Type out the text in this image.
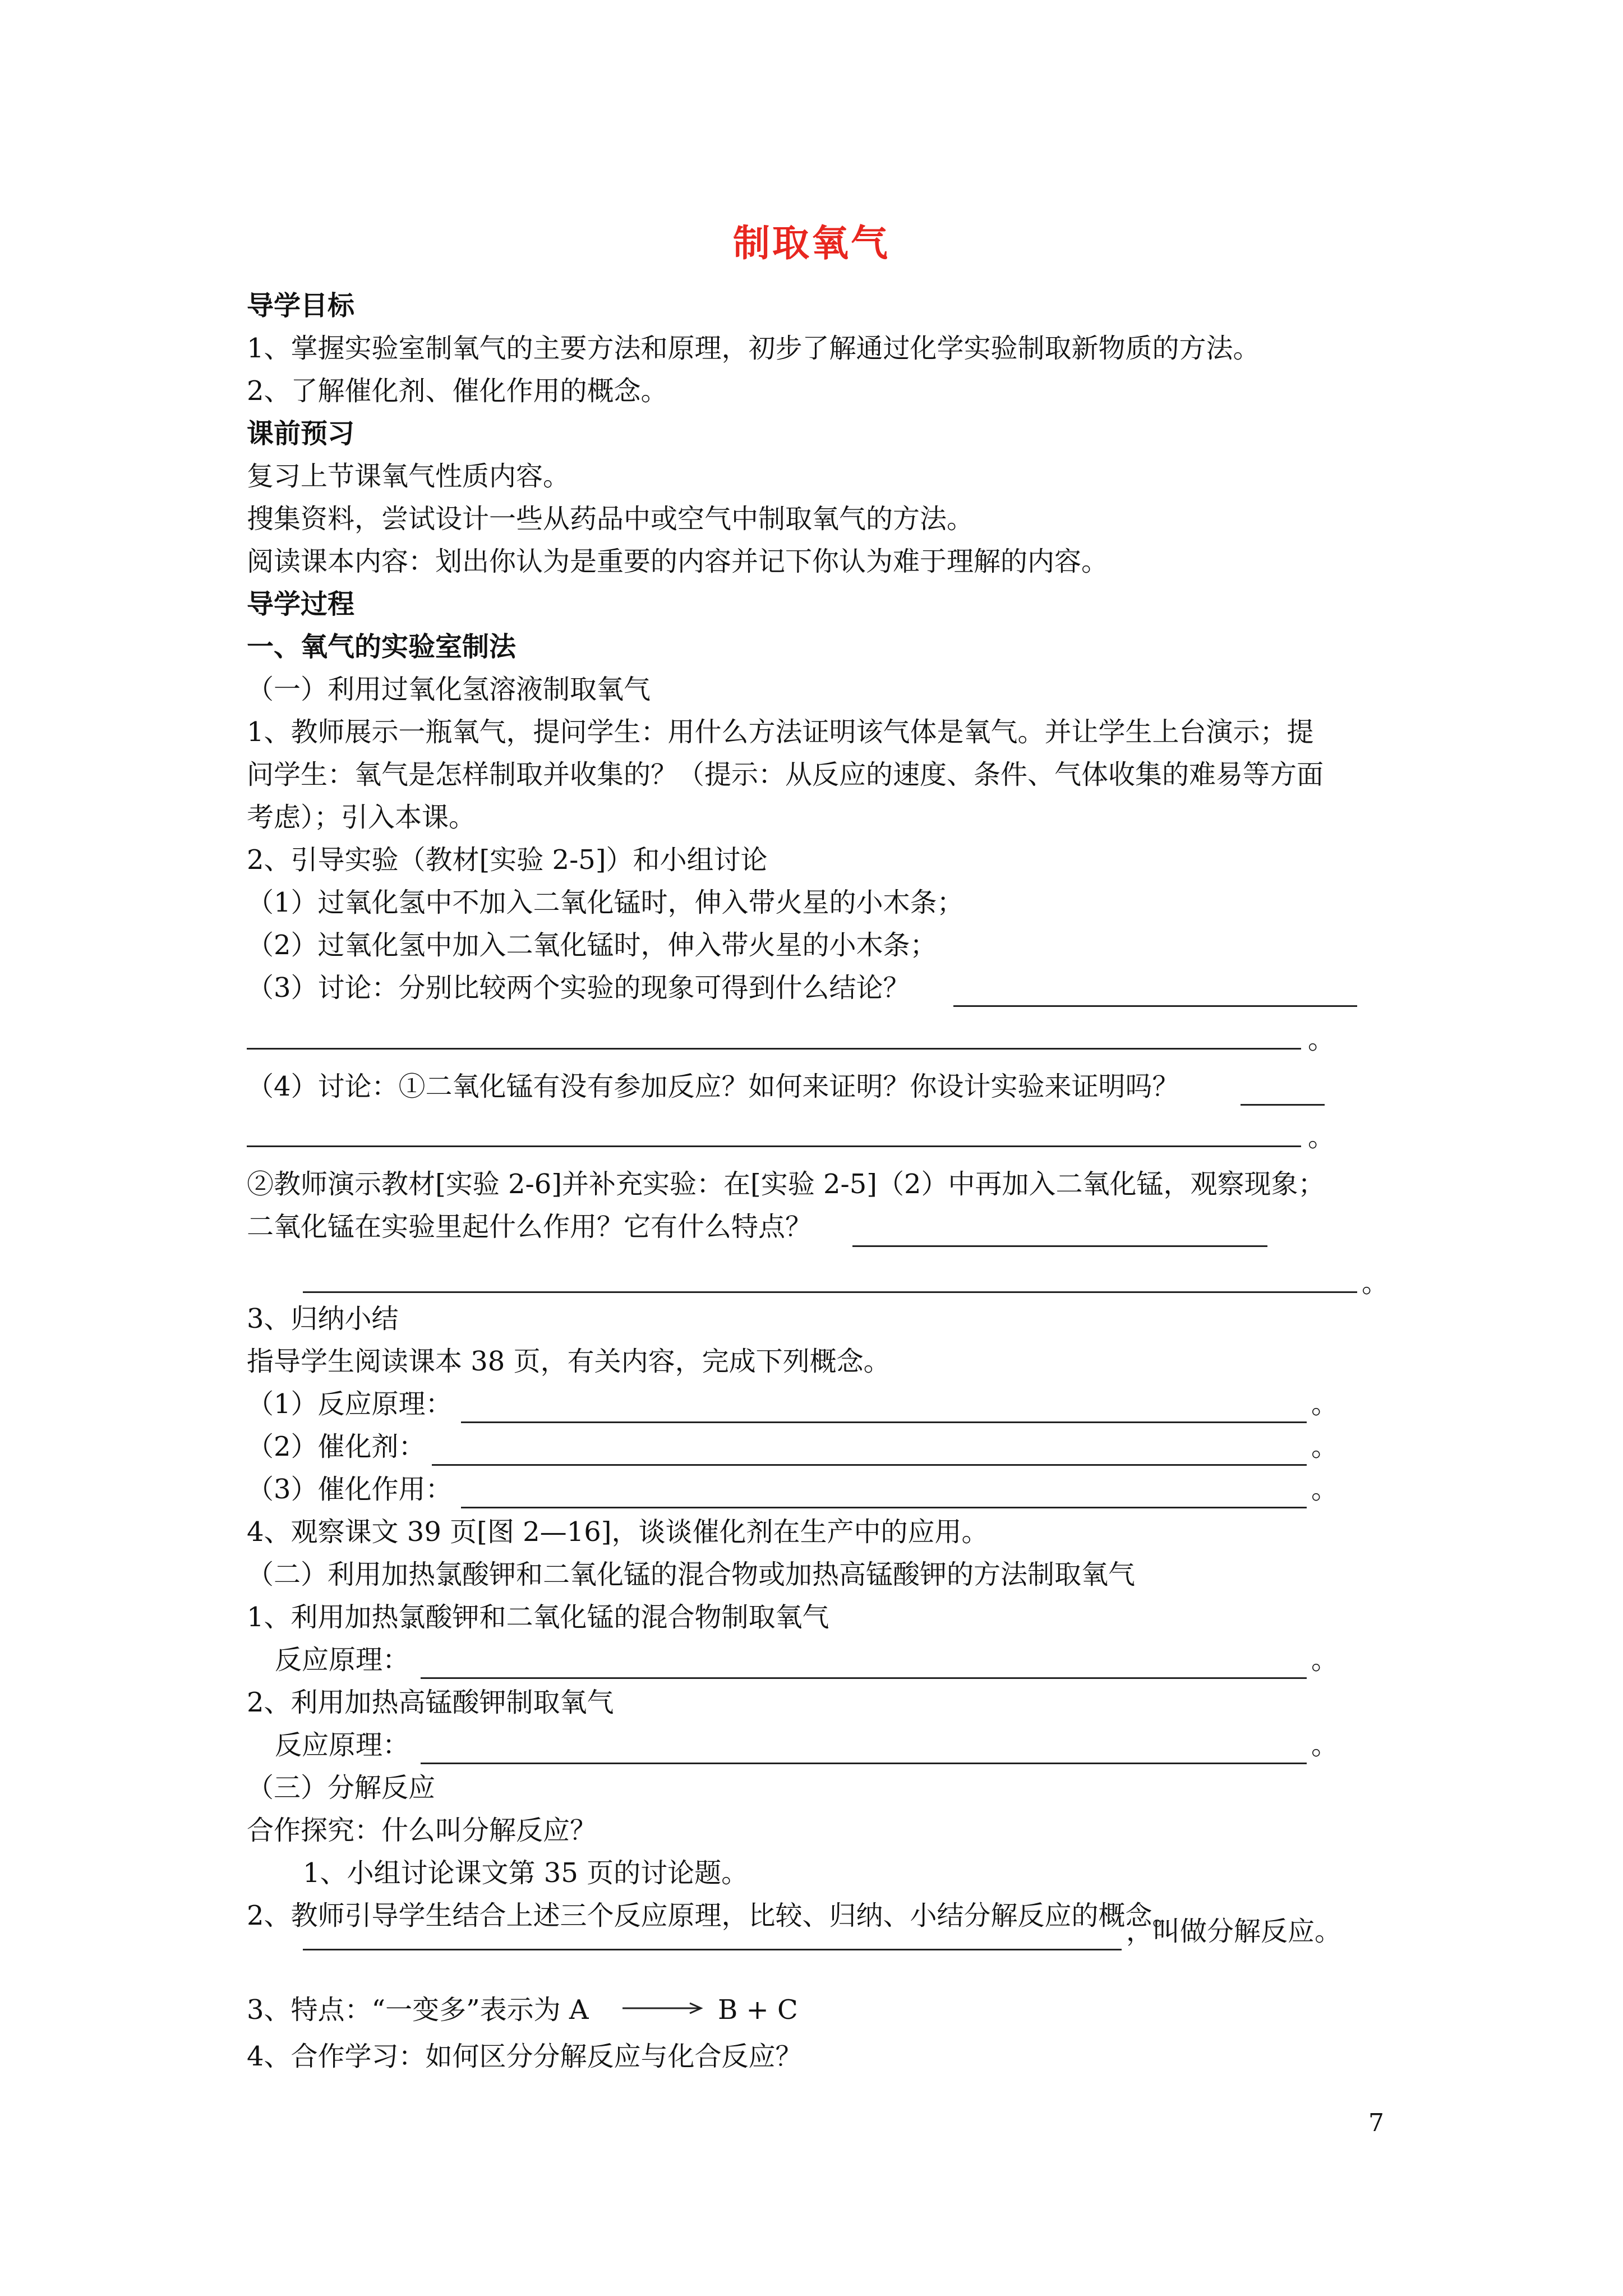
制取氧气
导学目标
1、掌握实验室制氧气的主要方法和原理，初步了解通过化学实验制取新物质的方法。
2、了解催化剂、催化作用的概念。
课前预习
复习上节课氧气性质内容。
搜集资料，尝试设计一些从药品中或空气中制取氧气的方法。
阅读课本内容：划出你认为是重要的内容并记下你认为难于理解的内容。
导学过程
一、氧气的实验室制法
（一）利用过氧化氢溶液制取氧气
1、教师展示一瓶氧气，提问学生：用什么方法证明该气体是氧气。并让学生上台演示；提
问学生：氧气是怎样制取并收集的？（提示：从反应的速度、条件、气体收集的难易等方面
考虑）；引入本课。
2、引导实验（教材[实验 2-5]）和小组讨论
（1）过氧化氢中不加入二氧化锰时，伸入带火星的小木条；
（2）过氧化氢中加入二氧化锰时，伸入带火星的小木条；
（3）讨论：分别比较两个实验的现象可得到什么结论？
。
（4）讨论：①二氧化锰有没有参加反应？如何来证明？你设计实验来证明吗？
。
②教师演示教材[实验 2-6]并补充实验：在[实验 2-5]（2）中再加入二氧化锰，观察现象；
二氧化锰在实验里起什么作用？它有什么特点？
。
3、归纳小结
指导学生阅读课本 38 页，有关内容，完成下列概念。
（1）反应原理：	。
（2）催化剂：	。
（3）催化作用：	。
4、观察课文 39 页[图 2—16]，谈谈催化剂在生产中的应用。
（二）利用加热氯酸钾和二氧化锰的混合物或加热高锰酸钾的方法制取氧气
1、利用加热氯酸钾和二氧化锰的混合物制取氧气
反应原理：	。
2、利用加热高锰酸钾制取氧气
反应原理：	。
（三）分解反应
合作探究：什么叫分解反应？
1、小组讨论课文第 35 页的讨论题。
2、教师引导学生结合上述三个反应原理，比较、归纳、小结分解反应的概念。
，叫做分解反应。
3、特点：“一变多”表示为 A	B + C
4、合作学习：如何区分分解反应与化合反应？
7
